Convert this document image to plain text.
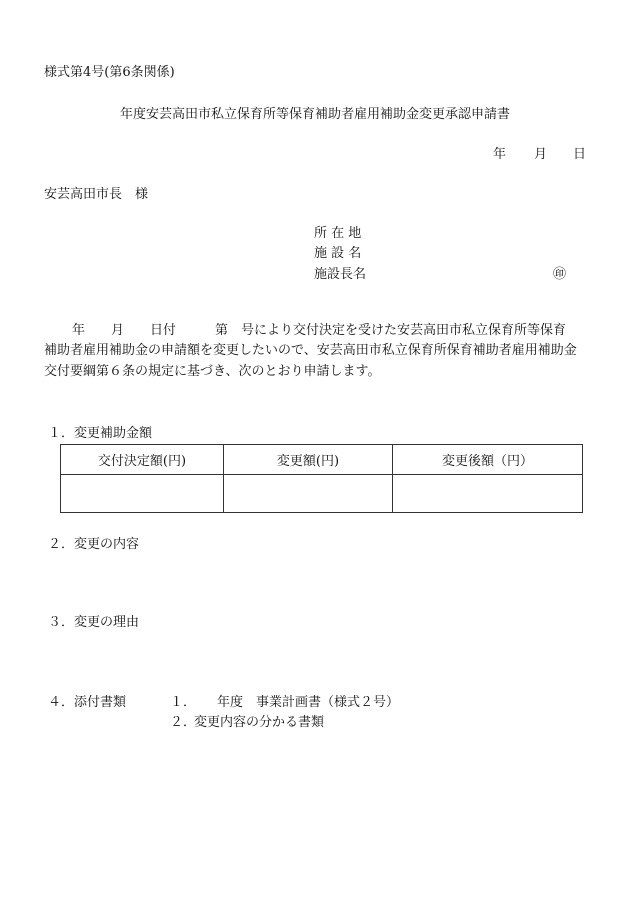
様式第4号(第6条関係)
年度安芸高田市私立保育所等保育補助者雇用補助金変更承認申請書
年 月 日
安芸高田市長　様
所 在 地
施 設 名
施設長名	㊞
年　　月　　日付　　　第　号により交付決定を受けた安芸高田市私立保育所等保育
補助者雇用補助金の申請額を変更したいので、安芸高田市私立保育所保育補助者雇用補助金
交付要綱第６条の規定に基づき、次のとおり申請します。
１．変更補助金額
交付決定額(円)	変更額(円)	変更後額（円）

２．変更の内容
３．変更の理由
４．添付書類	１． 年度　事業計画書（様式２号）
２．
変更内容の分かる書類
